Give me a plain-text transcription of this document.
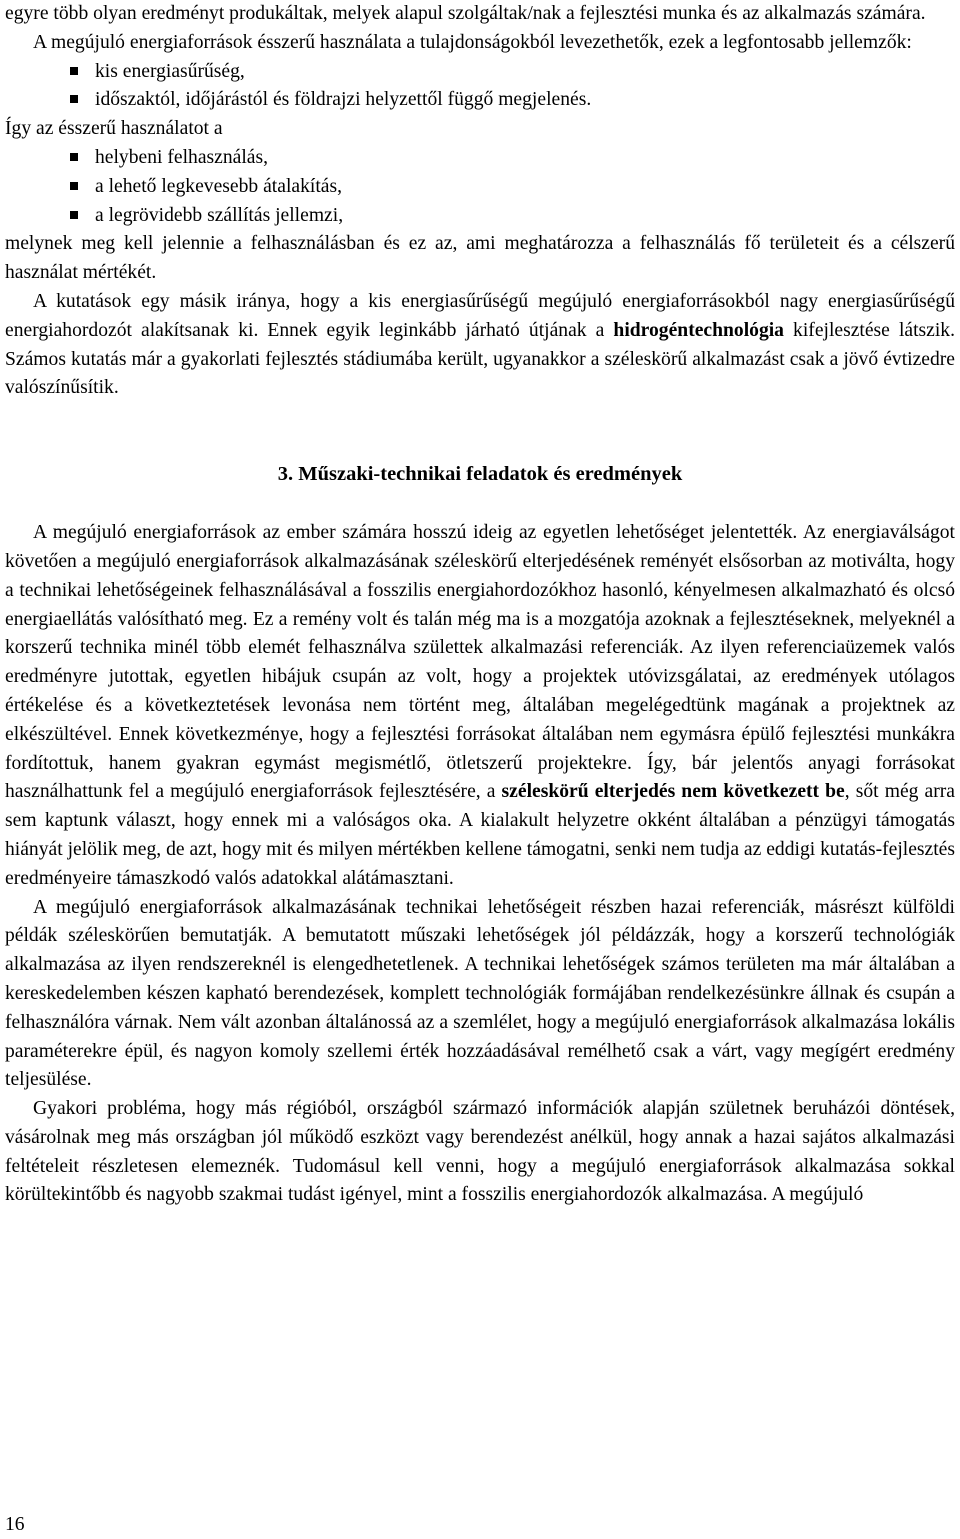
egyre több olyan eredményt produkáltak, melyek alapul szolgáltak/nak a fejlesztési munka és az alkalmazás számára.

A megújuló energiaforrások ésszerű használata a tulajdonságokból levezethetők, ezek a legfontosabb jellemzők:

kis energiasűrűség,
időszaktól, időjárástól és földrajzi helyzettől függő megjelenés.

Így az ésszerű használatot a

helybeni felhasználás,
a lehető legkevesebb átalakítás,
a legrövidebb szállítás jellemzi,

melynek meg kell jelennie a felhasználásban és ez az, ami meghatározza a felhasználás fő területeit és a célszerű használat mértékét.

A kutatások egy másik iránya, hogy a kis energiasűrűségű megújuló energiaforrásokból nagy energiasűrűségű energiahordozót alakítsanak ki. Ennek egyik leginkább járható útjának a hidrogéntechnológia kifejlesztése látszik. Számos kutatás már a gyakorlati fejlesztés stádiumába került, ugyanakkor a széleskörű alkalmazást csak a jövő évtizedre valószínűsítik.

3. Műszaki-technikai feladatok és eredmények

A megújuló energiaforrások az ember számára hosszú ideig az egyetlen lehetőséget jelentették. Az energiaválságot követően a megújuló energiaforrások alkalmazásának széleskörű elterjedésének reményét elsősorban az motiválta, hogy a technikai lehetőségeinek felhasználásával a fosszilis energiahordozókhoz hasonló, kényelmesen alkalmazható és olcsó energiaellátás valósítható meg. Ez a remény volt és talán még ma is a mozgatója azoknak a fejlesztéseknek, melyeknél a korszerű technika minél több elemét felhasználva születtek alkalmazási referenciák. Az ilyen referenciaüzemek valós eredményre jutottak, egyetlen hibájuk csupán az volt, hogy a projektek utóvizsgálatai, az eredmények utólagos értékelése és a következtetések levonása nem történt meg, általában megelégedtünk magának a projektnek az elkészültével. Ennek következménye, hogy a fejlesztési forrásokat általában nem egymásra épülő fejlesztési munkákra fordítottuk, hanem gyakran egymást megismétlő, ötletszerű projektekre. Így, bár jelentős anyagi forrásokat használhattunk fel a megújuló energiaforrások fejlesztésére, a széleskörű elterjedés nem következett be, sőt még arra sem kaptunk választ, hogy ennek mi a valóságos oka. A kialakult helyzetre okként általában a pénzügyi támogatás hiányát jelölik meg, de azt, hogy mit és milyen mértékben kellene támogatni, senki nem tudja az eddigi kutatás-fejlesztés eredményeire támaszkodó valós adatokkal alátámasztani.

A megújuló energiaforrások alkalmazásának technikai lehetőségeit részben hazai referenciák, másrészt külföldi példák széleskörűen bemutatják. A bemutatott műszaki lehetőségek jól példázzák, hogy a korszerű technológiák alkalmazása az ilyen rendszereknél is elengedhetetlenek. A technikai lehetőségek számos területen ma már általában a kereskedelemben készen kapható berendezések, komplett technológiák formájában rendelkezésünkre állnak és csupán a felhasználóra várnak. Nem vált azonban általánossá az a szemlélet, hogy a megújuló energiaforrások alkalmazása lokális paraméterekre épül, és nagyon komoly szellemi érték hozzáadásával remélhető csak a várt, vagy megígért eredmény teljesülése.

Gyakori probléma, hogy más régióból, országból származó információk alapján születnek beruházói döntések, vásárolnak meg más országban jól működő eszközt vagy berendezést anélkül, hogy annak a hazai sajátos alkalmazási feltételeit részletesen elemeznék. Tudomásul kell venni, hogy a megújuló energiaforrások alkalmazása sokkal körültekintőbb és nagyobb szakmai tudást igényel, mint a fosszilis energiahordozók alkalmazása. A megújuló

16
